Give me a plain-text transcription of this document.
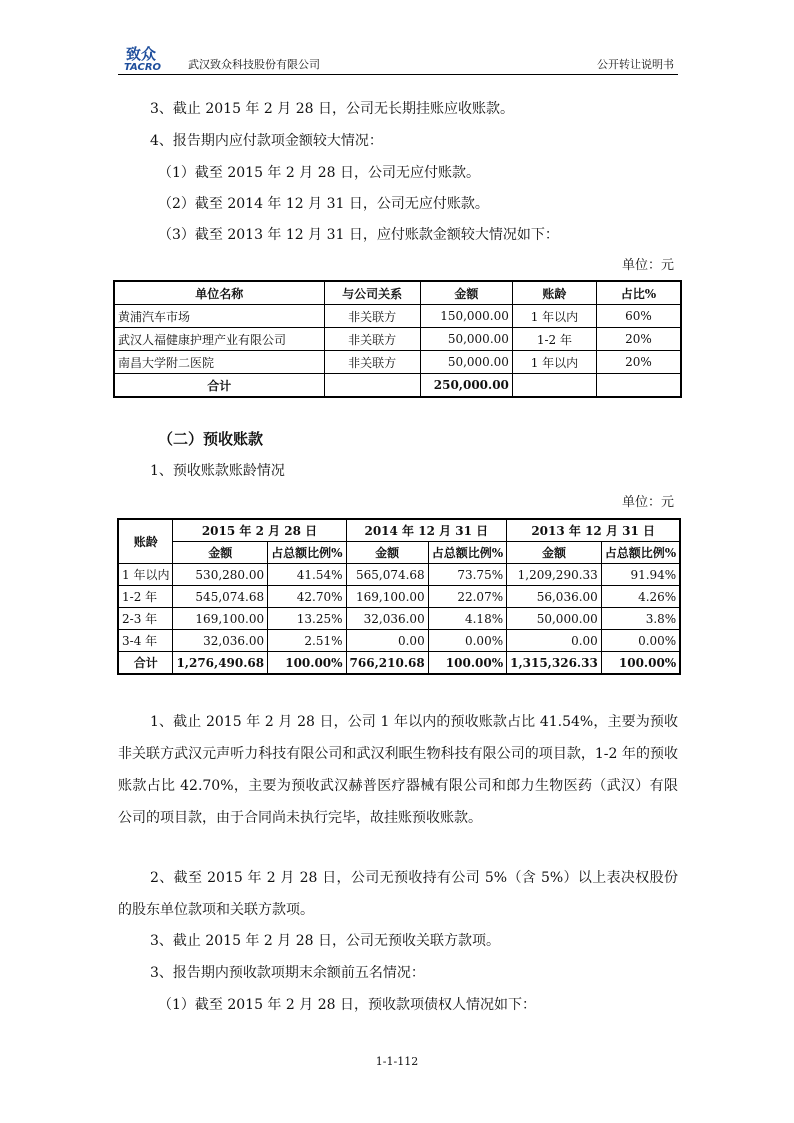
致众
TACRO 武汉致众科技股份有限公司	公开转让说明书
3、截止 2015 年 2 月 28 日，公司无长期挂账应收账款。
4、报告期内应付款项金额较大情况：
（1）截至 2015 年 2 月 28 日，公司无应付账款。
（2）截至 2014 年 12 月 31 日，公司无应付账款。
（3）截至 2013 年 12 月 31 日，应付账款金额较大情况如下：
单位：元
单位名称	与公司关系	金额	账龄	占比%
黄浦汽车市场	非关联方	150,000.00	1 年以内	60%
武汉人福健康护理产业有限公司	非关联方	50,000.00	1-2 年	20%
南昌大学附二医院	非关联方	50,000.00	1 年以内	20%
合计		250,000.00		
（二）预收账款
1、预收账款账龄情况
单位：元
账龄	2015 年 2 月 28 日		2014 年 12 月 31 日		2013 年 12 月 31 日	
	金额	占总额比例%	金额	占总额比例%	金额	占总额比例%
1 年以内	530,280.00	41.54%	565,074.68	73.75%	1,209,290.33	91.94%
1-2 年	545,074.68	42.70%	169,100.00	22.07%	56,036.00	4.26%
2-3 年	169,100.00	13.25%	32,036.00	4.18%	50,000.00	3.8%
3-4 年	32,036.00	2.51%	0.00	0.00%	0.00	0.00%
合计	1,276,490.68	100.00%	766,210.68	100.00%	1,315,326.33	100.00%
1、截止 2015 年 2 月 28 日，公司 1 年以内的预收账款占比 41.54%，主要为预收非关联方武汉元声听力科技有限公司和武汉利眠生物科技有限公司的项目款，1-2 年的预收账款占比 42.70%，主要为预收武汉赫普医疗器械有限公司和郎力生物医药（武汉）有限公司的项目款，由于合同尚未执行完毕，故挂账预收账款。
2、截至 2015 年 2 月 28 日，公司无预收持有公司 5%（含 5%）以上表决权股份的股东单位款项和关联方款项。
3、截止 2015 年 2 月 28 日，公司无预收关联方款项。
3、报告期内预收款项期末余额前五名情况：
（1）截至 2015 年 2 月 28 日，预收款项债权人情况如下：
1-1-112
